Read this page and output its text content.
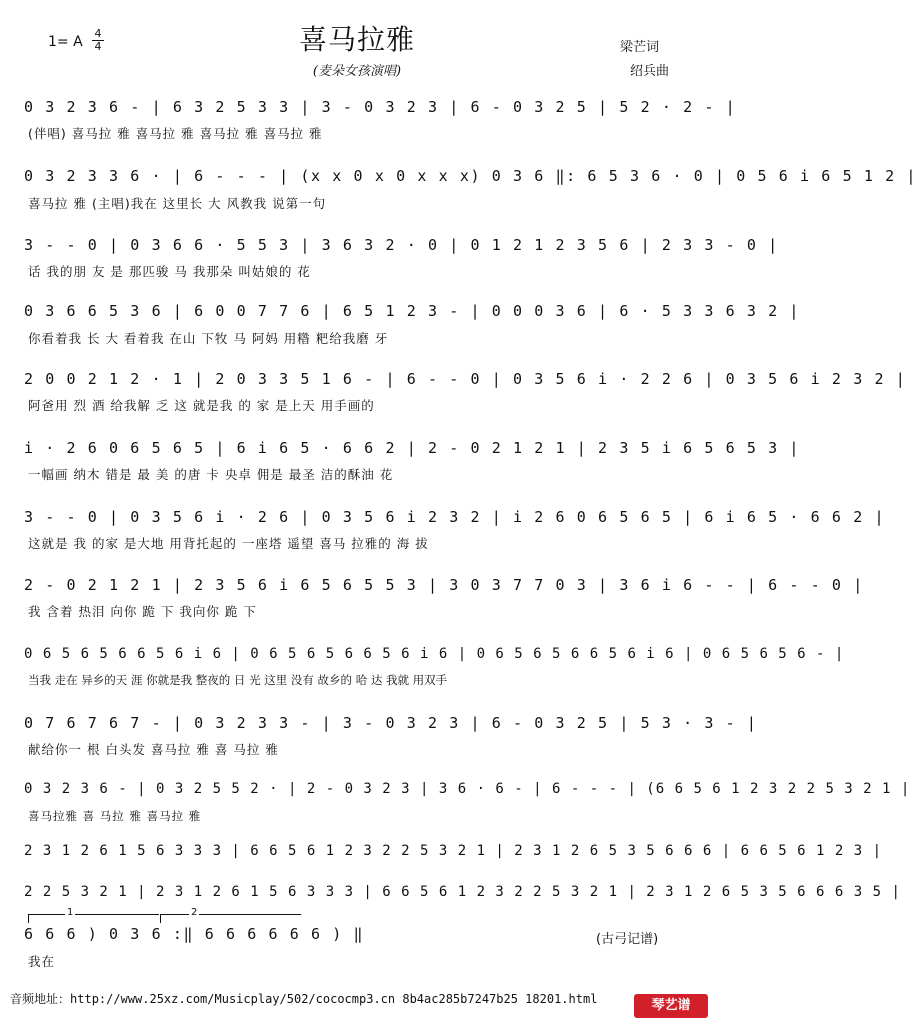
喜马拉雅
(麦朵女孩演唱)
1= A
4
4	梁芒词
绍兵曲
0 3 2 3 6 - | 6 3 2 5 3 3 | 3 - 0 3 2 3 | 6 - 0 3 2 5 | 5 2 · 2 - |
(伴唱) 喜马拉 雅 喜马拉 雅 喜马拉 雅 喜马拉 雅
0 3 2 3 3 6 · | 6 - - - | (x x 0 x 0 x x x) 0 3 6 ‖: 6 5 3 6 · 0 | 0 5 6 i 6 5 1 2 |
喜马拉 雅 (主唱)我在 这里长 大 风教我 说第一句
3 - - 0 | 0 3 6 6 · 5 5 3 | 3 6 3 2 · 0 | 0 1 2 1 2 3 5 6 | 2 3 3 - 0 |
话 我的朋 友 是 那匹骏 马 我那朵 叫姑娘的 花
0 3 6 6 5 3 6 | 6 0 0 7 7 6 | 6 5 1 2 3 - | 0 0 0 3 6 | 6 · 5 3 3 6 3 2 |
你看着我 长 大 看着我 在山 下牧 马 阿妈 用糌 粑给我磨 牙
2 0 0 2 1 2 · 1 | 2 0 3 3 5 1 6 - | 6 - - 0 | 0 3 5 6 i · 2 2 6 | 0 3 5 6 i 2 3 2 |
阿爸用 烈 酒 给我解 乏 这 就是我 的 家 是上天 用手画的
i · 2 6 0 6 5 6 5 | 6 i 6 5 · 6 6 2 | 2 - 0 2 1 2 1 | 2 3 5 i 6 5 6 5 3 |
一幅画 纳木 错是 最 美 的唐 卡 央卓 佣是 最圣 洁的酥油 花
3 - - 0 | 0 3 5 6 i · 2 6 | 0 3 5 6 i 2 3 2 | i 2 6 0 6 5 6 5 | 6 i 6 5 · 6 6 2 |
这就是 我 的家 是大地 用背托起的 一座塔 遥望 喜马 拉雅的 海 拔
2 - 0 2 1 2 1 | 2 3 5 6 i 6 5 6 5 5 3 | 3 0 3 7 7 0 3 | 3 6 i 6 - - | 6 - - 0 |
我 含着 热泪 向你 跪 下 我向你 跪 下
0 6 5 6 5 6 6 5 6 i 6 | 0 6 5 6 5 6 6 5 6 i 6 | 0 6 5 6 5 6 6 5 6 i 6 | 0 6 5 6 5 6 - |
当我 走在 异乡的天 涯 你就是我 整夜的 日 光 这里 没有 故乡的 哈 达 我就 用双手
0 7 6 7 6 7 - | 0 3 2 3 3 - | 3 - 0 3 2 3 | 6 - 0 3 2 5 | 5 3 · 3 - |
献给你一 根 白头发 喜马拉 雅 喜 马拉 雅
0 3 2 3 6 - | 0 3 2 5 5 2 · | 2 - 0 3 2 3 | 3 6 · 6 - | 6 - - - | (6 6 5 6 1 2 3 2 2 5 3 2 1 |
喜马拉雅 喜 马拉 雅 喜马拉 雅
2 3 1 2 6 1 5 6 3 3 3 | 6 6 5 6 1 2 3 2 2 5 3 2 1 | 2 3 1 2 6 5 3 5 6 6 6 | 6 6 5 6 1 2 3 |
2 2 5 3 2 1 | 2 3 1 2 6 1 5 6 3 3 3 | 6 6 5 6 1 2 3 2 2 5 3 2 1 | 2 3 1 2 6 5 3 5 6 6 6 3 5 |
6 6 6 ) 0 3 6 :‖ 6 6 6 6 6 6 ) ‖
我在
1	2
(古弓记谱)
音频地址：http://www.25xz.com/Musicplay/502/cococmp3.cn 8b4ac285b7247b25 18201.html	琴艺谱
